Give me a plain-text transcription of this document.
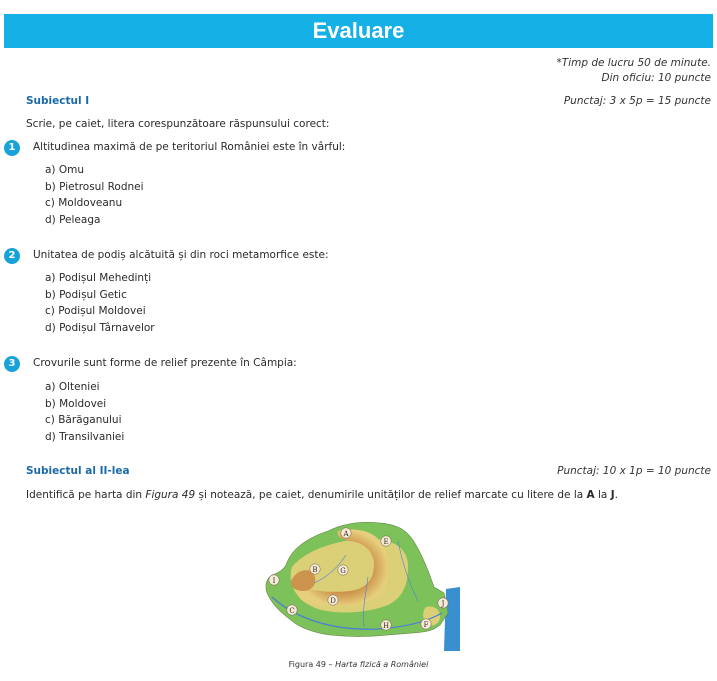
Evaluare
*Timp de lucru 50 de minute.
Din oficiu: 10 puncte
Subiectul I	Punctaj: 3 x 5p = 15 puncte
Scrie, pe caiet, litera corespunzătoare răspunsului corect:
1	Altitudinea maximă de pe teritoriul României este în vârful:
a) Omu
b) Pietrosul Rodnei
c) Moldoveanu
d) Peleaga
2	Unitatea de podiș alcătuită și din roci metamorfice este:
a) Podișul Mehedinți
b) Podișul Getic
c) Podișul Moldovei
d) Podișul Târnavelor
3	Crovurile sunt forme de relief prezente în Câmpia:
a) Olteniei
b) Moldovei
c) Bărăganului
d) Transilvaniei
Subiectul al II-lea	Punctaj: 10 x 1p = 10 puncte
Identifică pe harta din Figura 49 și notează, pe caiet, denumirile unităților de relief marcate cu litere de la A la J.
A
B
C
D
E
F
G
H
I
J
Figura 49 – Harta fizică a României
